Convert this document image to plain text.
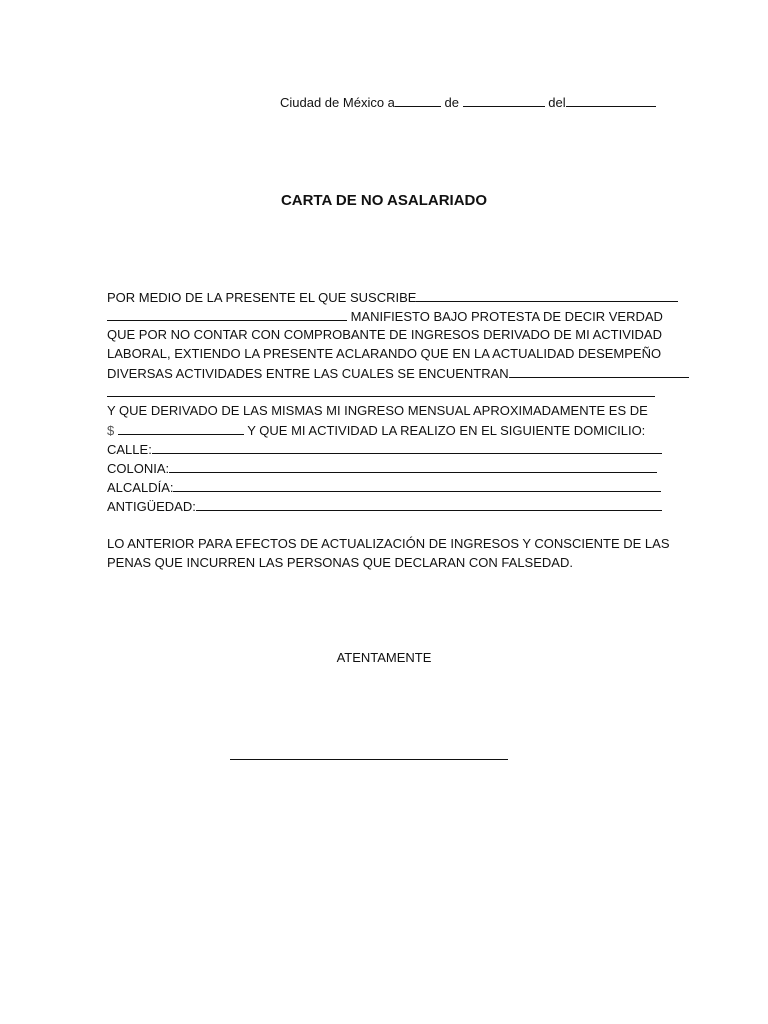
Ciudad de México a	de	del
CARTA DE NO ASALARIADO
POR MEDIO DE LA PRESENTE EL QUE SUSCRIBE
MANIFIESTO BAJO PROTESTA DE DECIR VERDAD
QUE POR NO CONTAR CON COMPROBANTE DE INGRESOS DERIVADO DE MI ACTIVIDAD
LABORAL, EXTIENDO LA PRESENTE ACLARANDO QUE EN LA ACTUALIDAD DESEMPEÑO
DIVERSAS ACTIVIDADES ENTRE LAS CUALES SE ENCUENTRAN
Y QUE DERIVADO DE LAS MISMAS MI INGRESO MENSUAL APROXIMADAMENTE ES DE
$	Y QUE MI ACTIVIDAD LA REALIZO EN EL SIGUIENTE DOMICILIO:
CALLE:
COLONIA:
ALCALDÍA:
ANTIGÜEDAD:
LO ANTERIOR PARA EFECTOS DE ACTUALIZACIÓN DE INGRESOS Y CONSCIENTE DE LAS
PENAS QUE INCURREN LAS PERSONAS QUE DECLARAN CON FALSEDAD.
ATENTAMENTE
